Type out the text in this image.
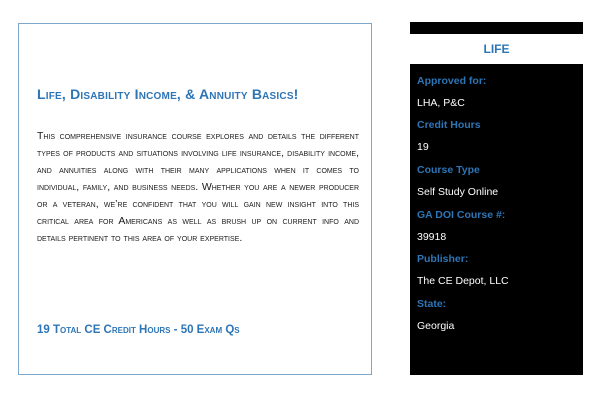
Life, Disability Income, & Annuity Basics!

This comprehensive insurance course explores and details the different types of products and situations involving life insurance, disability income, and annuities along with their many applications when it comes to individual, family, and business needs. Whether you are a newer producer or a veteran, we’re confident that you will gain new insight into this critical area for Americans as well as brush up on current info and details pertinent to this area of your expertise.

19 Total CE Credit Hours - 50 Exam Qs

LIFE

Approved for:

LHA, P&C

Credit Hours

19

Course Type

Self Study Online

GA DOI Course #:

39918

Publisher:

The CE Depot, LLC

State:

Georgia
